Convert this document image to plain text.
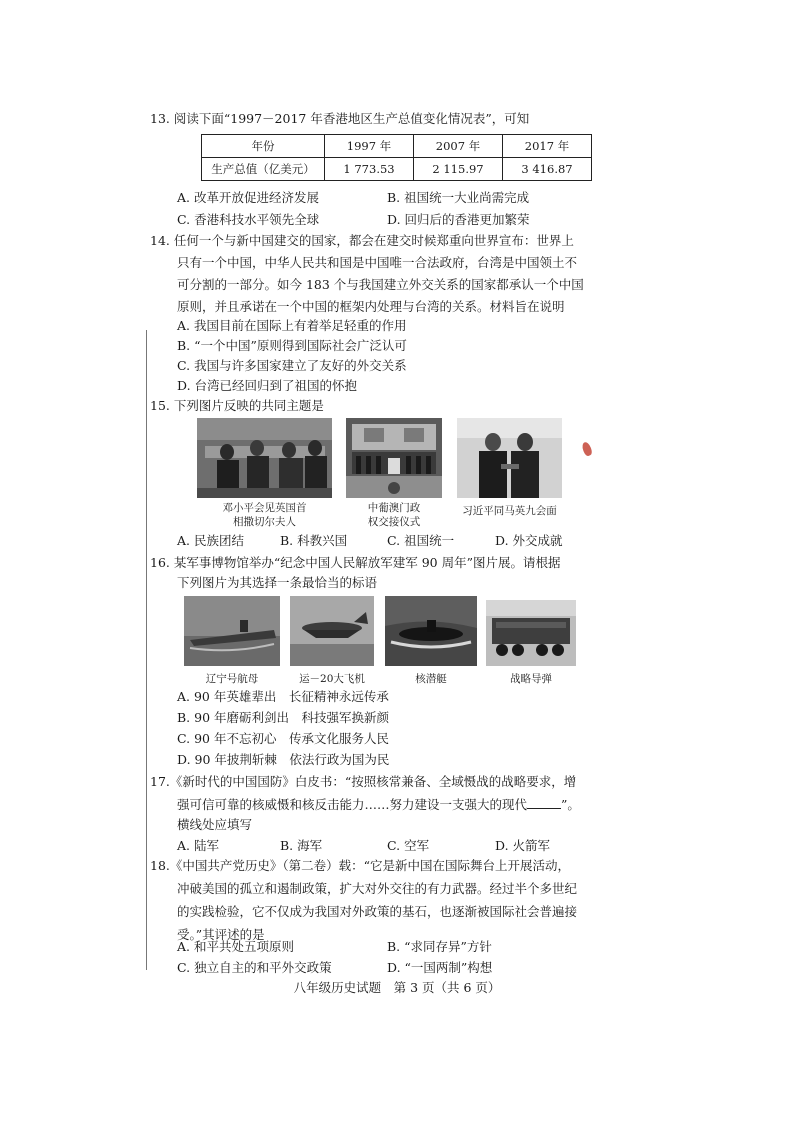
13. 阅读下面“1997－2017 年香港地区生产总值变化情况表”，可知
年份	1997 年	2007 年	2017 年
生产总值（亿美元）	1 773.53	2 115.97	3 416.87
A. 改革开放促进经济发展	B. 祖国统一大业尚需完成
C. 香港科技水平领先全球	D. 回归后的香港更加繁荣
14. 任何一个与新中国建交的国家，都会在建交时候郑重向世界宣布：世界上
只有一个中国，中华人民共和国是中国唯一合法政府，台湾是中国领土不
可分割的一部分。如今 183 个与我国建立外交关系的国家都承认一个中国
原则，并且承诺在一个中国的框架内处理与台湾的关系。材料旨在说明
A. 我国目前在国际上有着举足轻重的作用
B. “一个中国”原则得到国际社会广泛认可
C. 我国与许多国家建立了友好的外交关系
D. 台湾已经回归到了祖国的怀抱
15. 下列图片反映的共同主题是
邓小平会见英国首
相撒切尔夫人
中葡澳门政
权交接仪式
习近平同马英九会面
A. 民族团结	B. 科教兴国	C. 祖国统一	D. 外交成就
16. 某军事博物馆举办“纪念中国人民解放军建军 90 周年”图片展。请根据
下列图片为其选择一条最恰当的标语
辽宁号航母	运－20大飞机	核潜艇	战略导弹
A. 90 年英雄辈出　长征精神永远传承
B. 90 年磨砺利剑出　科技强军换新颜
C. 90 年不忘初心　传承文化服务人民
D. 90 年披荆斩棘　依法行政为国为民
17.《新时代的中国国防》白皮书：“按照核常兼备、全域慑战的战略要求，增
强可信可靠的核威慑和核反击能力……努力建设一支强大的现代	”。
横线处应填写
A. 陆军	B. 海军	C. 空军	D. 火箭军
18.《中国共产党历史》（第二卷）载：“它是新中国在国际舞台上开展活动，
冲破美国的孤立和遏制政策，扩大对外交往的有力武器。经过半个多世纪
的实践检验，它不仅成为我国对外政策的基石，也逐渐被国际社会普遍接
受。”其评述的是
A. 和平共处五项原则	B. “求同存异”方针
C. 独立自主的和平外交政策	D. “一国两制”构想
八年级历史试题　第 3 页（共 6 页）
